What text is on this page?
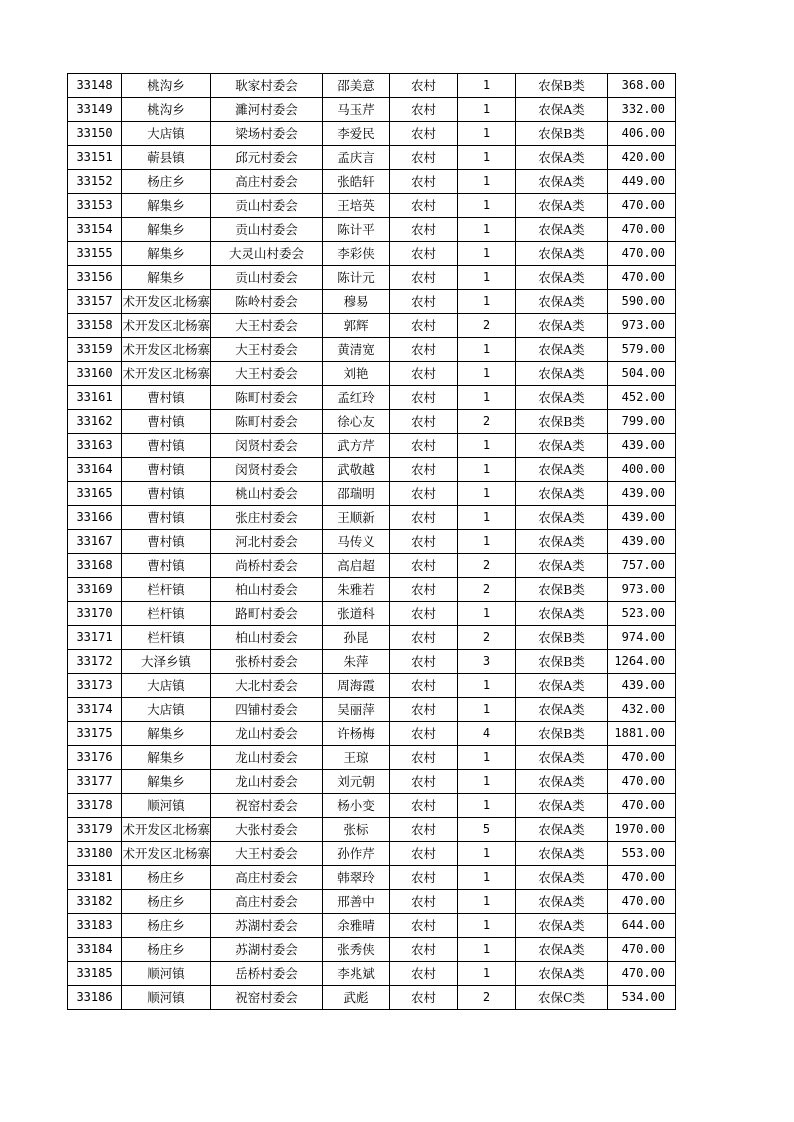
33148	桃沟乡	耿家村委会	邵美意	农村	1	农保B类	368.00
33149	桃沟乡	濉河村委会	马玉芹	农村	1	农保A类	332.00
33150	大店镇	梁场村委会	李爱民	农村	1	农保B类	406.00
33151	蕲县镇	邱元村委会	孟庆言	农村	1	农保A类	420.00
33152	杨庄乡	高庄村委会	张皓轩	农村	1	农保A类	449.00
33153	解集乡	贡山村委会	王培英	农村	1	农保A类	470.00
33154	解集乡	贡山村委会	陈计平	农村	1	农保A类	470.00
33155	解集乡	大灵山村委会	李彩侠	农村	1	农保A类	470.00
33156	解集乡	贡山村委会	陈计元	农村	1	农保A类	470.00
33157	术开发区北杨寨	陈岭村委会	穆易	农村	1	农保A类	590.00
33158	术开发区北杨寨	大王村委会	郭辉	农村	2	农保A类	973.00
33159	术开发区北杨寨	大王村委会	黄清宽	农村	1	农保A类	579.00
33160	术开发区北杨寨	大王村委会	刘艳	农村	1	农保A类	504.00
33161	曹村镇	陈町村委会	孟红玲	农村	1	农保A类	452.00
33162	曹村镇	陈町村委会	徐心友	农村	2	农保B类	799.00
33163	曹村镇	闵贤村委会	武方芹	农村	1	农保A类	439.00
33164	曹村镇	闵贤村委会	武敬越	农村	1	农保A类	400.00
33165	曹村镇	桃山村委会	邵瑞明	农村	1	农保A类	439.00
33166	曹村镇	张庄村委会	王顺新	农村	1	农保A类	439.00
33167	曹村镇	河北村委会	马传义	农村	1	农保A类	439.00
33168	曹村镇	尚桥村委会	高启超	农村	2	农保A类	757.00
33169	栏杆镇	柏山村委会	朱雅若	农村	2	农保B类	973.00
33170	栏杆镇	路町村委会	张道科	农村	1	农保A类	523.00
33171	栏杆镇	柏山村委会	孙昆	农村	2	农保B类	974.00
33172	大泽乡镇	张桥村委会	朱萍	农村	3	农保B类	1264.00
33173	大店镇	大北村委会	周海霞	农村	1	农保A类	439.00
33174	大店镇	四铺村委会	吴丽萍	农村	1	农保A类	432.00
33175	解集乡	龙山村委会	许杨梅	农村	4	农保B类	1881.00
33176	解集乡	龙山村委会	王琼	农村	1	农保A类	470.00
33177	解集乡	龙山村委会	刘元朝	农村	1	农保A类	470.00
33178	顺河镇	祝窑村委会	杨小变	农村	1	农保A类	470.00
33179	术开发区北杨寨	大张村委会	张标	农村	5	农保A类	1970.00
33180	术开发区北杨寨	大王村委会	孙作芹	农村	1	农保A类	553.00
33181	杨庄乡	高庄村委会	韩翠玲	农村	1	农保A类	470.00
33182	杨庄乡	高庄村委会	邢善中	农村	1	农保A类	470.00
33183	杨庄乡	苏湖村委会	余雅晴	农村	1	农保A类	644.00
33184	杨庄乡	苏湖村委会	张秀侠	农村	1	农保A类	470.00
33185	顺河镇	岳桥村委会	李兆斌	农村	1	农保A类	470.00
33186	顺河镇	祝窑村委会	武彪	农村	2	农保C类	534.00
